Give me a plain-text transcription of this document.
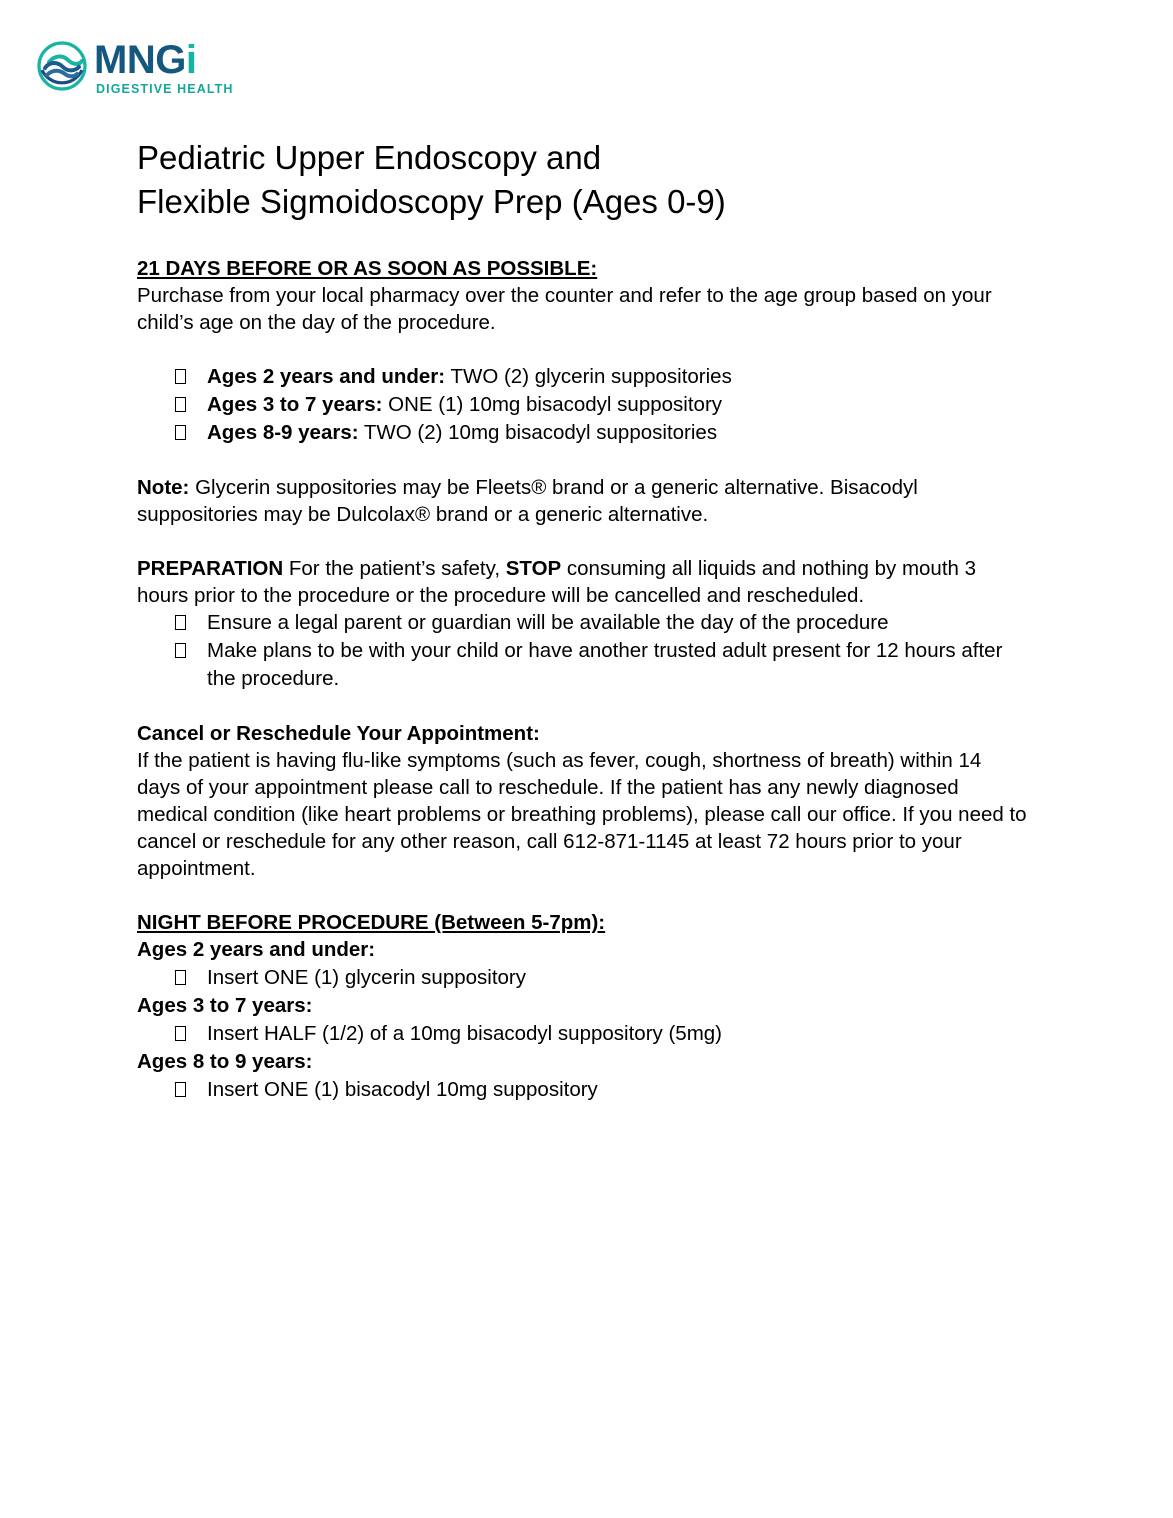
MNGi
DIGESTIVE HEALTH
Pediatric Upper Endoscopy and
Flexible Sigmoidoscopy Prep (Ages 0-9)
21 DAYS BEFORE OR AS SOON AS POSSIBLE:

Purchase from your local pharmacy over the counter and refer to the age group based on your child’s age on the day of the procedure.

Ages 2 years and under: TWO (2) glycerin suppositories
Ages 3 to 7 years: ONE (1) 10mg bisacodyl suppository
Ages 8-9 years: TWO (2) 10mg bisacodyl suppositories

Note: Glycerin suppositories may be Fleets® brand or a generic alternative. Bisacodyl suppositories may be Dulcolax® brand or a generic alternative.

PREPARATION For the patient’s safety, STOP consuming all liquids and nothing by mouth 3 hours prior to the procedure or the procedure will be cancelled and rescheduled.

Ensure a legal parent or guardian will be available the day of the procedure
Make plans to be with your child or have another trusted adult present for 12 hours after the procedure.
Cancel or Reschedule Your Appointment:

If the patient is having flu-like symptoms (such as fever, cough, shortness of breath) within 14 days of your appointment please call to reschedule. If the patient has any newly diagnosed medical condition (like heart problems or breathing problems), please call our office. If you need to cancel or reschedule for any other reason, call 612-871-1145 at least 72 hours prior to your appointment.

NIGHT BEFORE PROCEDURE (Between 5-7pm):
Ages 2 years and under:
Insert ONE (1) glycerin suppository
Ages 3 to 7 years:
Insert HALF (1/2) of a 10mg bisacodyl suppository (5mg)
Ages 8 to 9 years:
Insert ONE (1) bisacodyl 10mg suppository
